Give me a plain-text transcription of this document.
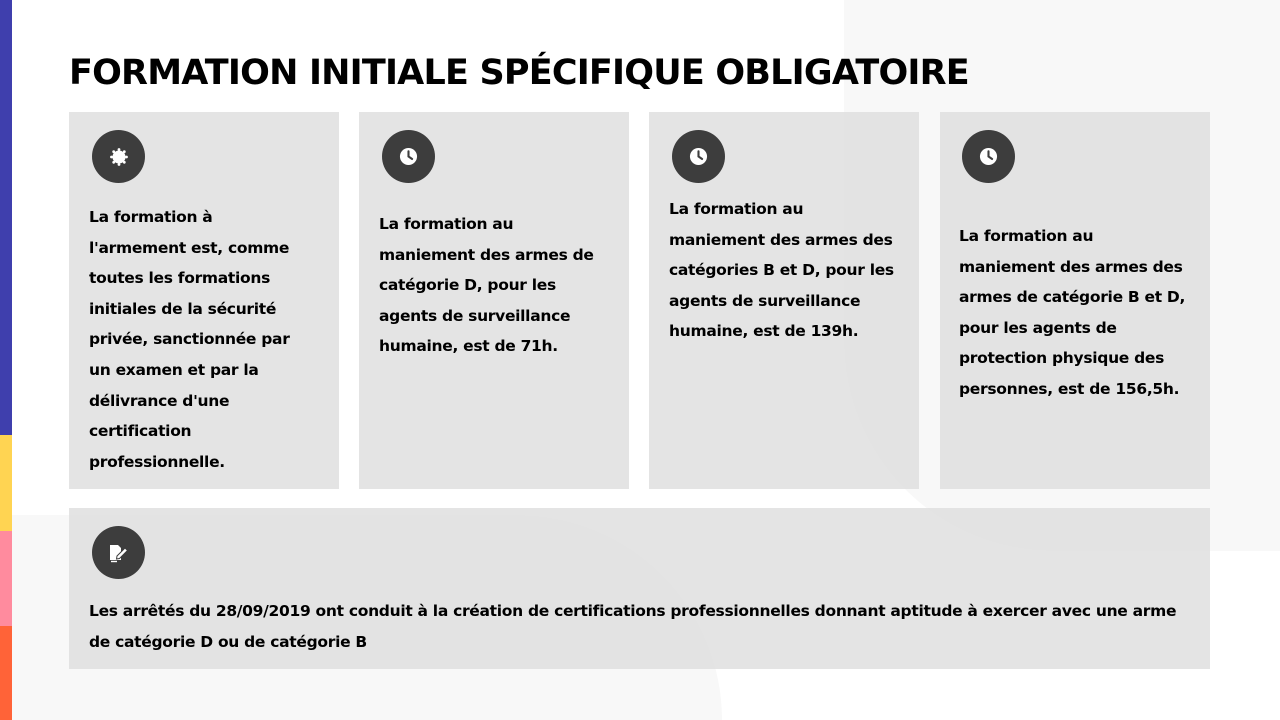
FORMATION INITIALE SPÉCIFIQUE OBLIGATOIRE

La formation à l'armement est, comme toutes les formations initiales de la sécurité privée, sanctionnée par un examen et par la délivrance d'une certification professionnelle.

La formation au maniement des armes de catégorie D, pour les agents de surveillance humaine, est de 71h.

La formation au maniement des armes des catégories B et D, pour les agents de surveillance humaine, est de 139h.

La formation au maniement des armes des armes de catégorie B et D, pour les agents de protection physique des personnes, est de 156,5h.

Les arrêtés du 28/09/2019 ont conduit à la création de certifications professionnelles donnant aptitude à exercer avec une arme de catégorie D ou de catégorie B
